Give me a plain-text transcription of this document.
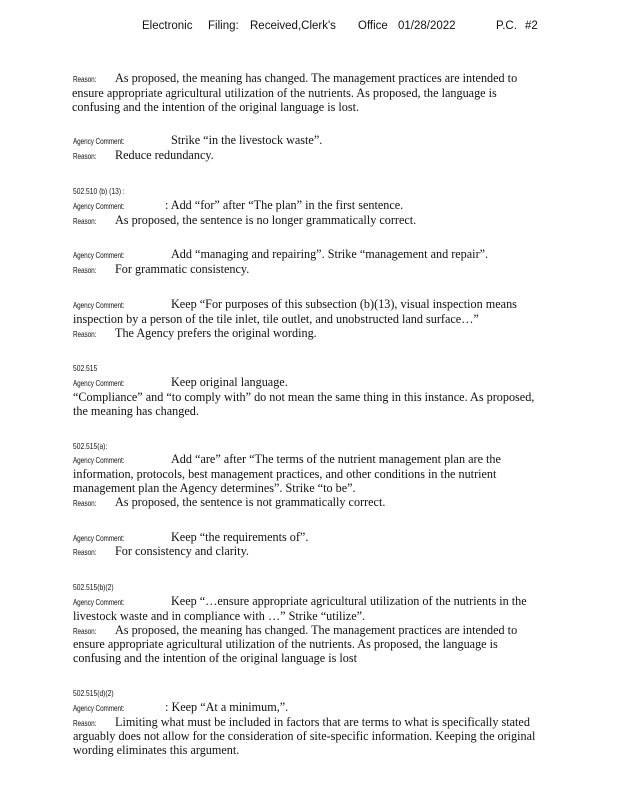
Electronic Filing: Received,Clerk's Office 01/28/2022	P.C. #2
Reason: As proposed, the meaning has changed. The management practices are intended to
ensure appropriate agricultural utilization of the nutrients. As proposed, the language is
confusing and the intention of the original language is lost.
Agency Comment:	Strike “in the livestock waste”.
Reason: Reduce redundancy.
502.510 (b) (13) :
Agency Comment:	: Add “for” after “The plan” in the first sentence.
Reason: As proposed, the sentence is no longer grammatically correct.
Agency Comment:	Add “managing and repairing”. Strike “management and repair”.
Reason: For grammatic consistency.
Agency Comment:	Keep “For purposes of this subsection (b)(13), visual inspection means
inspection by a person of the tile inlet, tile outlet, and unobstructed land surface…”
Reason: The Agency prefers the original wording.
502.515
Agency Comment:	Keep original language.
“Compliance” and “to comply with” do not mean the same thing in this instance. As proposed,
the meaning has changed.
502.515(a):
Agency Comment:	Add “are” after “The terms of the nutrient management plan are the
information, protocols, best management practices, and other conditions in the nutrient
management plan the Agency determines”. Strike “to be”.
Reason: As proposed, the sentence is not grammatically correct.
Agency Comment:	Keep “the requirements of”.
Reason: For consistency and clarity.
502.515(b)(2)
Agency Comment:	Keep “…ensure appropriate agricultural utilization of the nutrients in the
livestock waste and in compliance with …” Strike “utilize”.
Reason: As proposed, the meaning has changed. The management practices are intended to
ensure appropriate agricultural utilization of the nutrients. As proposed, the language is
confusing and the intention of the original language is lost
502.515(d)(2)
Agency Comment:	: Keep “At a minimum,”.
Reason: Limiting what must be included in factors that are terms to what is specifically stated
arguably does not allow for the consideration of site-specific information. Keeping the original
wording eliminates this argument.
